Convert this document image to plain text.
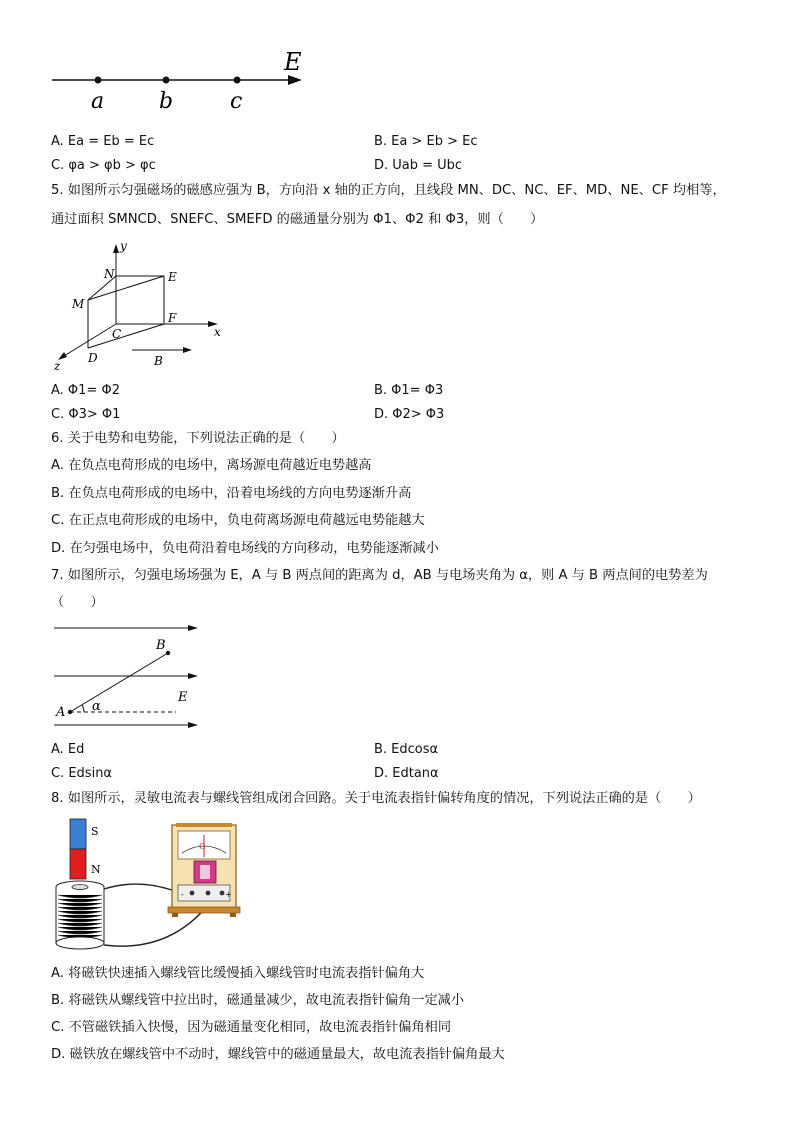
E
a b	c
A. Ea = Eb = Ec	B. Ea > Eb > Ec
C. φa > φb > φc	D. Uab = Ubc
5. 如图所示匀强磁场的磁感应强为 B，方向沿 x 轴的正方向，且线段 MN、DC、NC、EF、MD、NE、CF 均相等，
通过面积 SMNCD、SNEFC、SMEFD 的磁通量分别为 Φ1、Φ2 和 Φ3，则（　　）
y
N	E
M
C
F
x
D
z	B
A. Φ1= Φ2	B. Φ1= Φ3
C. Φ3> Φ1	D. Φ2> Φ3
6. 关于电势和电势能，下列说法正确的是（　　）
A. 在负点电荷形成的电场中，离场源电荷越近电势越高
B. 在负点电荷形成的电场中，沿着电场线的方向电势逐渐升高
C. 在正点电荷形成的电场中，负电荷离场源电荷越远电势能越大
D. 在匀强电场中，负电荷沿着电场线的方向移动，电势能逐渐减小
7. 如图所示，匀强电场场强为 E，A 与 B 两点间的距离为 d，AB 与电场夹角为 α，则 A 与 B 两点间的电势差为
（　　）
B
E
A α
A. Ed	B. Edcosα
C. Edsinα	D. Edtanα
8. 如图所示，灵敏电流表与螺线管组成闭合回路。关于电流表指针偏转角度的情况，下列说法正确的是（　　）
S
N
G
-	+
A. 将磁铁快速插入螺线管比缓慢插入螺线管时电流表指针偏角大
B. 将磁铁从螺线管中拉出时，磁通量减少，故电流表指针偏角一定减小
C. 不管磁铁插入快慢，因为磁通量变化相同，故电流表指针偏角相同
D. 磁铁放在螺线管中不动时，螺线管中的磁通量最大，故电流表指针偏角最大
